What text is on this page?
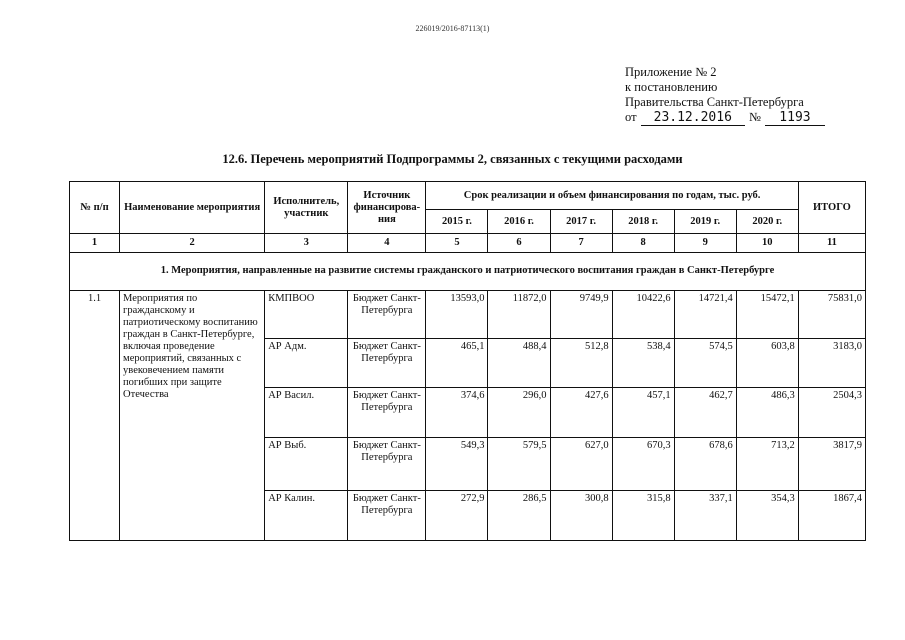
226019/2016-87113(1)
Приложение № 2
к постановлению
Правительства Санкт-Петербурга
от	23.12.2016	№	1193
12.6. Перечень мероприятий Подпрограммы 2, связанных с текущими расходами
№ п/п	Наименование мероприятия	Исполнитель, участник	Источник финансирова- ния	Срок реализации и объем финансирования по годам, тыс. руб.						ИТОГО
				2015 г.	2016 г.	2017 г.	2018 г.	2019 г.	2020 г.	
1	2	3	4	5	6	7	8	9	10	11
1. Мероприятия, направленные на развитие системы гражданского и патриотического воспитания граждан в Санкт-Петербурге										
1.1	Мероприятия по гражданскому и патриотическому воспитанию граждан в Санкт-Петербурге, включая проведение мероприятий, связанных с увековечением памяти погибших при защите Отечества	КМПВОО	Бюджет Санкт-Петербурга	13593,0	11872,0	9749,9	10422,6	14721,4	15472,1	75831,0
		АР Адм.	Бюджет Санкт-Петербурга	465,1	488,4	512,8	538,4	574,5	603,8	3183,0
		АР Васил.	Бюджет Санкт-Петербурга	374,6	296,0	427,6	457,1	462,7	486,3	2504,3
		АР Выб.	Бюджет Санкт-Петербурга	549,3	579,5	627,0	670,3	678,6	713,2	3817,9
		АР Калин.	Бюджет Санкт-Петербурга	272,9	286,5	300,8	315,8	337,1	354,3	1867,4
